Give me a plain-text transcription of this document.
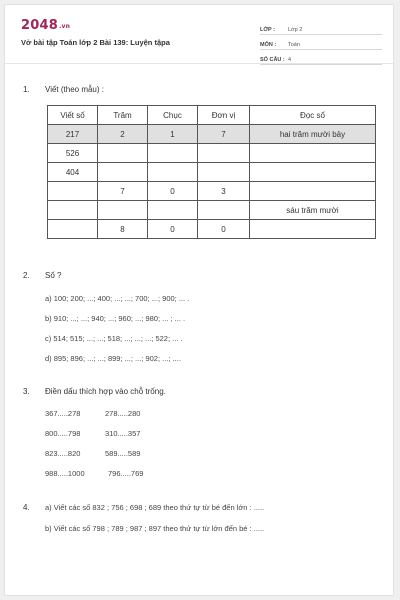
2048.vn
Vở bài tập Toán lớp 2 Bài 139: Luyện tậpa
LỚP :	Lớp 2
MÔN :	Toán
SỐ CÂU : 4
1. Viết (theo mẫu) :
Viết số	Trăm	Chục	Đơn vị	Đọc số
217	2	1	7	hai trăm mười bảy
526				
404				
	7	0	3	
				sáu trăm mười
	8	0	0	
2. Số ?
a) 100; 200; ...; 400; ...; ...; 700; ...; 900; ... .
b) 910; ...; ...; 940; ...; 960; ...; 980; ... ; ... .
c) 514; 515; ...; ...; 518; ...; ...; ...; 522; ... .
d) 895; 896; ...; ...; 899; ...; ...; 902; ...; ....
3. Điền dấu thích hợp vào chỗ trống.
367.....278	278.....280
800.....798	310.....357
823.....820	589.....589
988.....1000	796.....769
4. a) Viết các số 832 ; 756 ; 698 ; 689 theo thứ tự từ bé đến lớn : .....
b) Viết các số 798 ; 789 ; 987 ; 897 theo thứ tự từ lớn đến bé : .....
